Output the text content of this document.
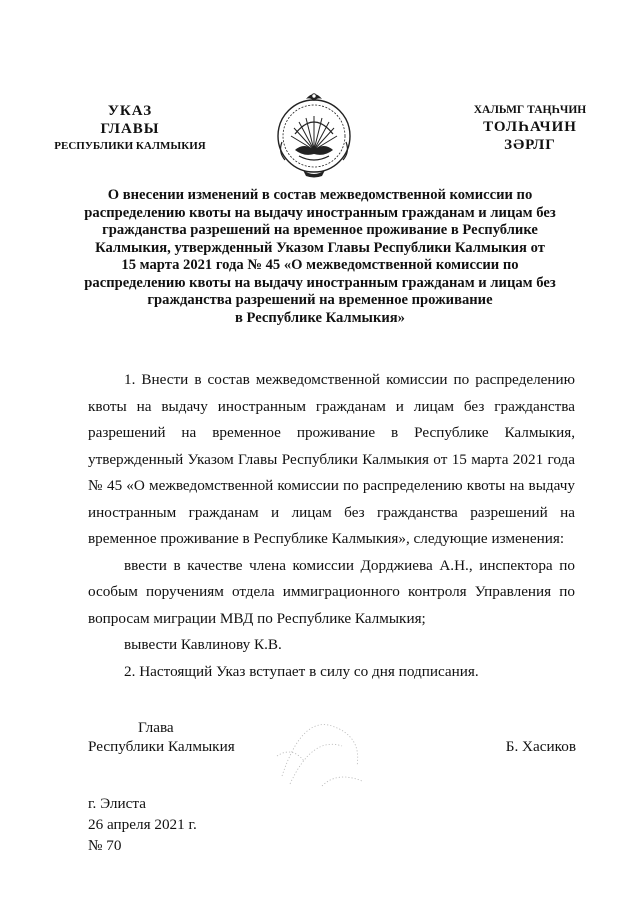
УКАЗ
ГЛАВЫ
РЕСПУБЛИКИ КАЛМЫКИЯ
ХАЛЬМГ ТАҢҺЧИН
ТОЛҺАЧИН
ЗӘРЛГ
О внесении изменений в состав межведомственной комиссии по
распределению квоты на выдачу иностранным гражданам и лицам без
гражданства разрешений на временное проживание в Республике
Калмыкия, утвержденный Указом Главы Республики Калмыкия от
15 марта 2021 года № 45 «О межведомственной комиссии по
распределению квоты на выдачу иностранным гражданам и лицам без
гражданства разрешений на временное проживание
в Республике Калмыкия»

1. Внести в состав межведомственной комиссии по распределению квоты на выдачу иностранным гражданам и лицам без гражданства разрешений на временное проживание в Республике Калмыкия, утвержденный Указом Главы Республики Калмыкия от 15 марта 2021 года № 45 «О межведомственной комиссии по распределению квоты на выдачу иностранным гражданам и лицам без гражданства разрешений на временное проживание в Республике Калмыкия», следующие изменения:

ввести в качестве члена комиссии Дорджиева А.Н., инспектора по особым поручениям отдела иммиграционного контроля Управления по вопросам миграции МВД по Республике Калмыкия;

вывести Кавлинову К.В.

2. Настоящий Указ вступает в силу со дня подписания.

Глава
Республики Калмыкия	Б. Хасиков
г. Элиста
26 апреля 2021 г.
№ 70
